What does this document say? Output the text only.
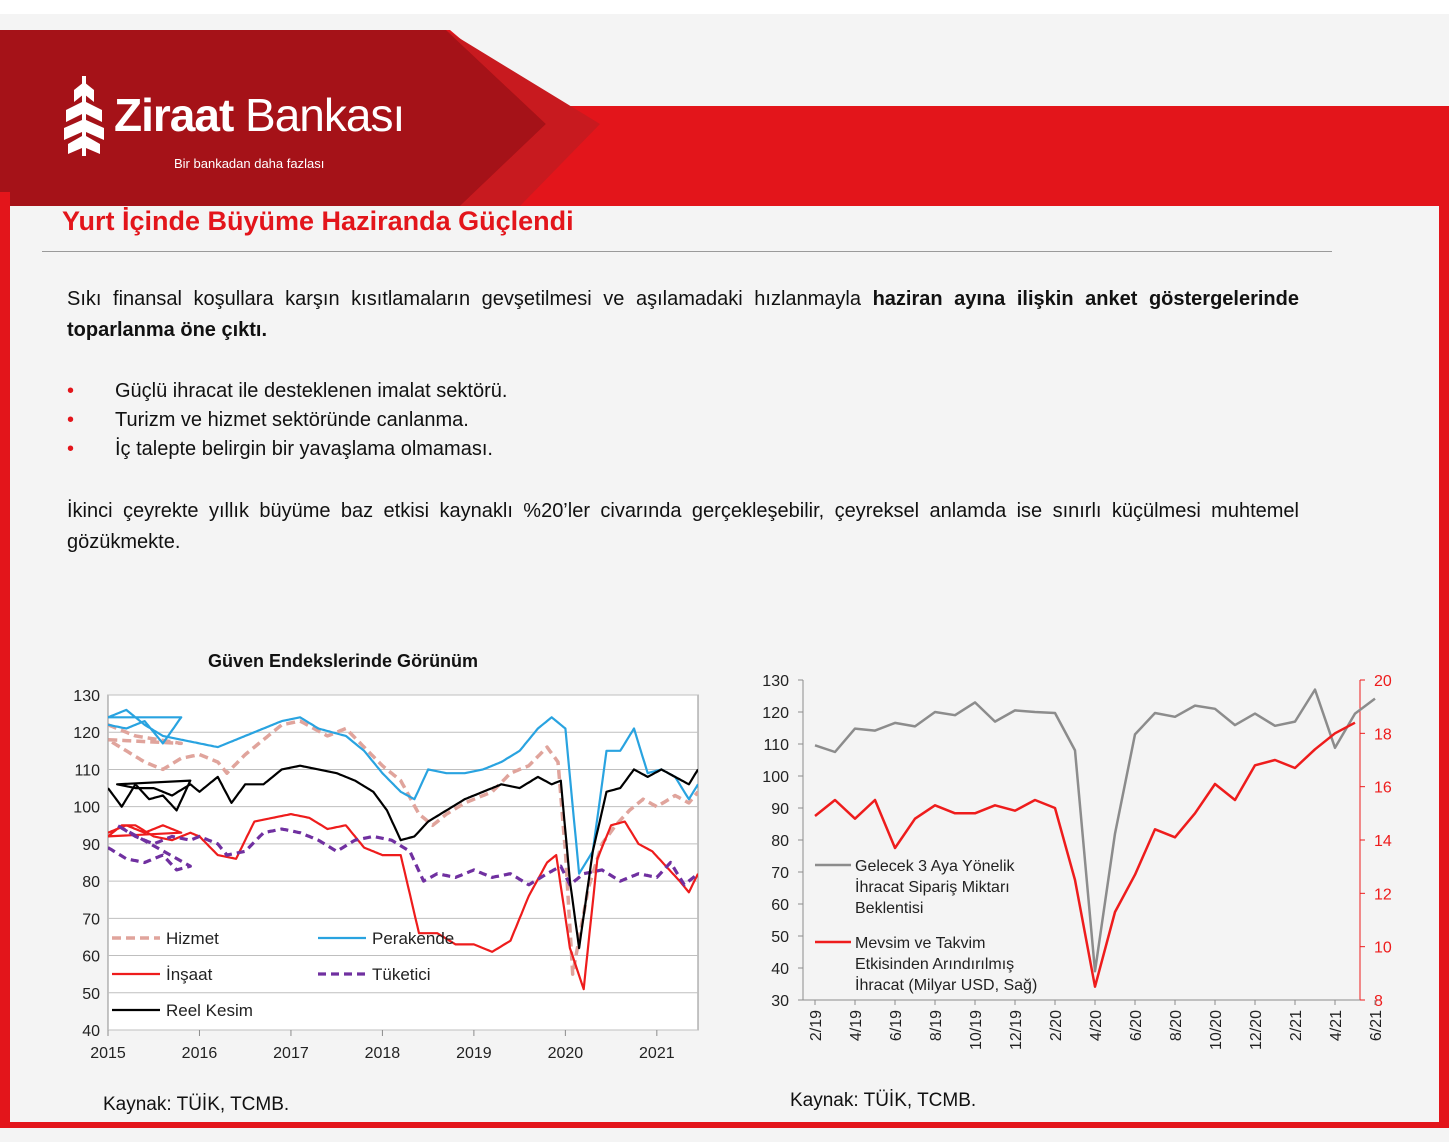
Ziraat Bankası
Bir bankadan daha fazlası
Yurt İçinde Büyüme Haziranda Güçlendi
Sıkı finansal koşullara karşın kısıtlamaların gevşetilmesi ve aşılamadaki hızlanmayla haziran ayına ilişkin anket göstergelerinde toparlanma öne çıktı.
• Güçlü ihracat ile desteklenen imalat sektörü.
• Turizm ve hizmet sektöründe canlanma.
• İç talepte belirgin bir yavaşlama olmaması.
İkinci çeyrekte yıllık büyüme baz etkisi kaynaklı %20’ler civarında gerçekleşebilir, çeyreksel anlamda ise sınırlı küçülmesi muhtemel gözükmekte.
Güven Endekslerinde Görünüm
40
50
60
70
80
90
100
110
120
130
2015	2016	2017	2018	2019	2020	2021
Hizmet	Perakende
İnşaat	Tüketici
Reel Kesim	30
40
50
60
70
80
90
100
110
120
130
8
10
12
14
16
18
20
2/19 4/19 6/19 8/19 10/19 12/19 2/20 4/20 6/20 8/20 10/20 12/20 2/21 4/21 6/21
Gelecek 3 Aya Yönelik İhracat Sipariş Miktarı Beklentisi
Mevsim ve Takvim Etkisinden Arındırılmış İhracat (Milyar USD, Sağ)
Kaynak: TÜİK, TCMB.	Kaynak: TÜİK, TCMB.
